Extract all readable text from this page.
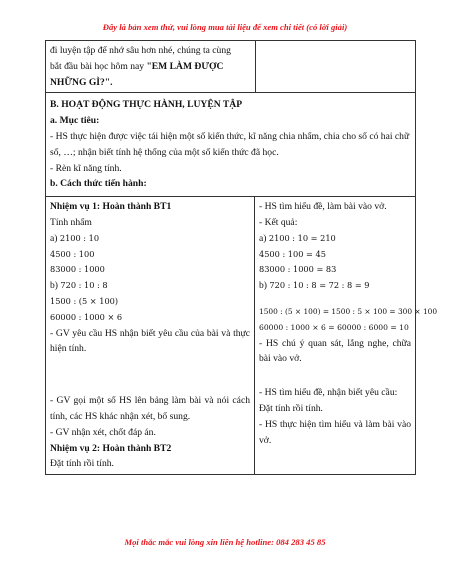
Đây là bản xem thử, vui lòng mua tài liệu để xem chi tiết (có lời giải)
đi luyện tập để nhớ sâu hơn nhé, chúng ta cùng
bắt đầu bài học hôm nay "EM LÀM ĐƯỢC
NHỮNG GÌ?".
B. HOẠT ĐỘNG THỰC HÀNH, LUYỆN TẬP
a. Mục tiêu:
- HS thực hiện được việc tái hiện một số kiến thức, kĩ năng chia nhẩm, chia cho số có hai chữ số, …; nhận biết tính hệ thống của một số kiến thức đã học.
- Rèn kĩ năng tính.
b. Cách thức tiến hành:
Nhiệm vụ 1: Hoàn thành BT1
Tính nhẩm
a) 2100 : 10
4500 : 100
83000 : 1000
b) 720 : 10 : 8
1500 : (5 × 100)
60000 : 1000 × 6
- GV yêu cầu HS nhận biết yêu cầu của bài và thực hiện tính.
- GV gọi một số HS lên bảng làm bài và nói cách tính, các HS khác nhận xét, bổ sung.
- GV nhận xét, chốt đáp án.
Nhiệm vụ 2: Hoàn thành BT2
Đặt tính rồi tính.
- HS tìm hiểu đề, làm bài vào vở.
- Kết quả:
a) 2100 : 10 = 210
4500 : 100 = 45
83000 : 1000 = 83
b) 720 : 10 : 8 = 72 : 8 = 9
1500 : (5 × 100) = 1500 : 5 × 100 = 300 × 100
60000 : 1000 × 6 = 60000 : 6000 = 10
- HS chú ý quan sát, lắng nghe, chữa bài vào vở.
- HS tìm hiểu đề, nhận biết yêu cầu:
Đặt tính rồi tính.
- HS thực hiện tìm hiểu và làm bài vào vở.
Mọi thắc mắc vui lòng xin liên hệ hotline: 084 283 45 85
